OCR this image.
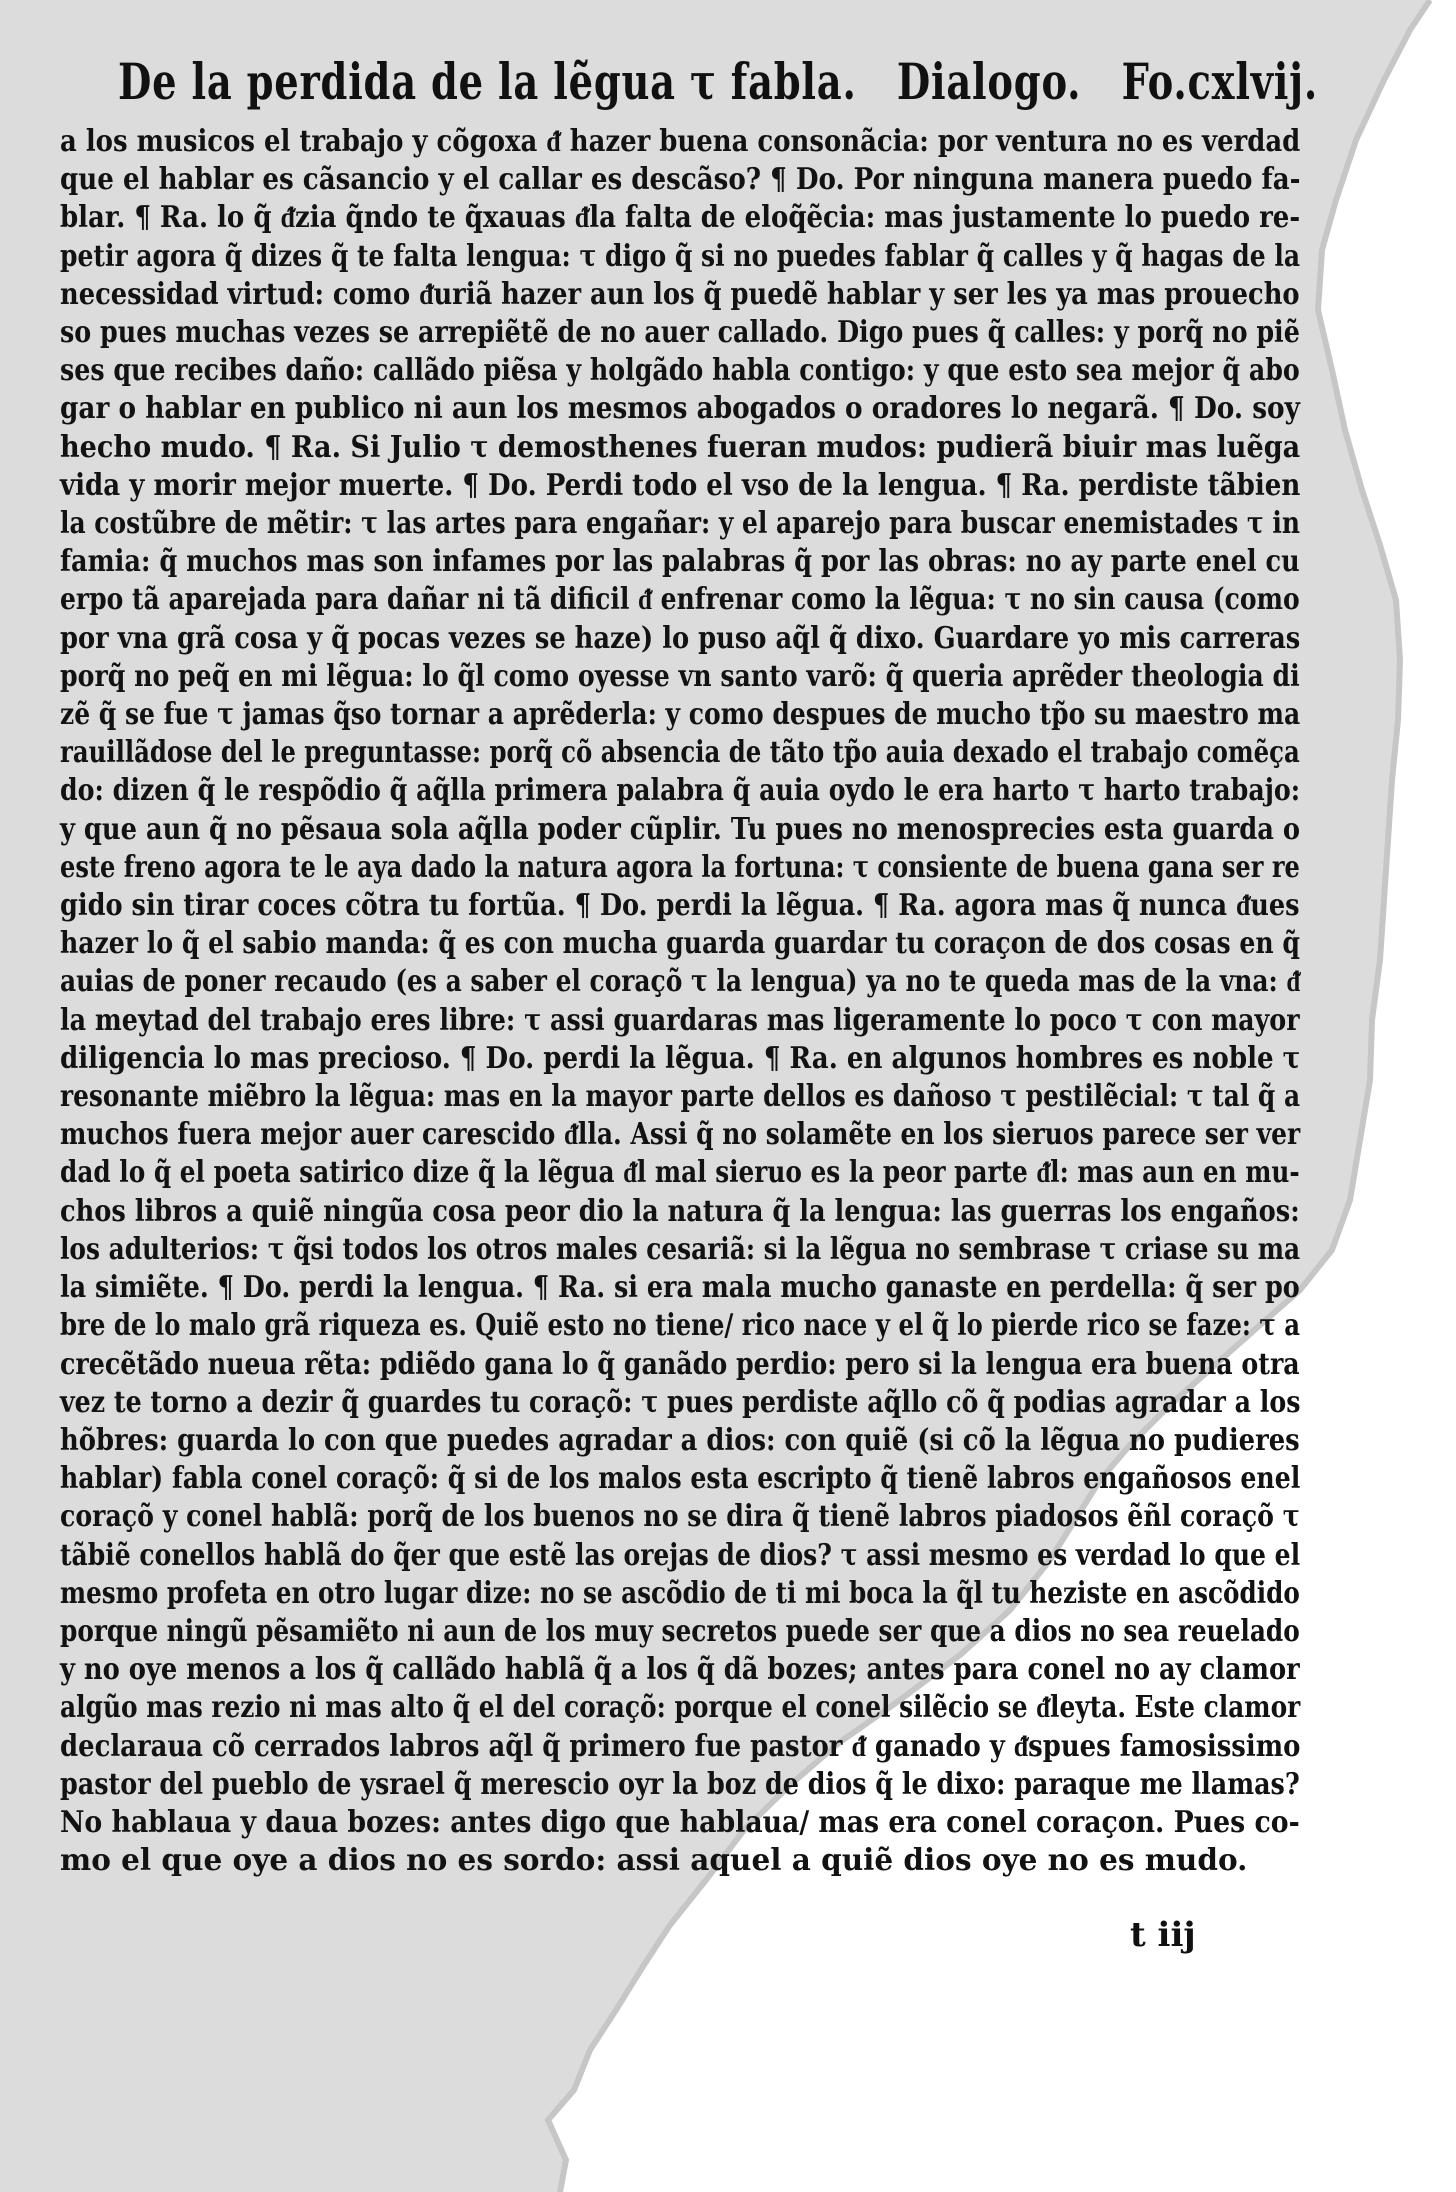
De la perdida de la lẽgua τ fabla. Dialogo. Fo.cxlvij.
a los musicos el trabajo y cõgoxa ᵭ hazer buena consonãcia: por ventura no es verdad
que el hablar es cãsancio y el callar es descãso? ¶ Do. Por ninguna manera puedo fa-
blar. ¶ Ra. lo q̃ ᵭzia q̃ndo te q̃xauas ᵭla falta de eloq̃ẽcia: mas justamente lo puedo re-
petir agora q̃ dizes q̃ te falta lengua: τ digo q̃ si no puedes fablar q̃ calles y q̃ hagas de la
necessidad virtud: como ᵭuriã hazer aun los q̃ puedẽ hablar y ser les ya mas prouecho
so pues muchas vezes se arrepiẽtẽ de no auer callado. Digo pues q̃ calles: y porq̃ no piẽ
ses que recibes daño: callãdo piẽsa y holgãdo habla contigo: y que esto sea mejor q̃ abo
gar o hablar en publico ni aun los mesmos abogados o oradores lo negarã. ¶ Do. soy
hecho mudo. ¶ Ra. Si Julio τ demosthenes fueran mudos: pudierã biuir mas luẽga
vida y morir mejor muerte. ¶ Do. Perdi todo el vso de la lengua. ¶ Ra. perdiste tãbien
la costũbre de mẽtir: τ las artes para engañar: y el aparejo para buscar enemistades τ in
famia: q̃ muchos mas son infames por las palabras q̃ por las obras: no ay parte enel cu
erpo tã aparejada para dañar ni tã dificil ᵭ enfrenar como la lẽgua: τ no sin causa (como
por vna grã cosa y q̃ pocas vezes se haze) lo puso aq̃l q̃ dixo. Guardare yo mis carreras
porq̃ no peq̃ en mi lẽgua: lo q̃l como oyesse vn santo varõ: q̃ queria aprẽder theologia di
zẽ q̃ se fue τ jamas q̃so tornar a aprẽderla: y como despues de mucho tp̃o su maestro ma
rauillãdose del le preguntasse: porq̃ cõ absencia de tãto tp̃o auia dexado el trabajo comẽça
do: dizen q̃ le respõdio q̃ aq̃lla primera palabra q̃ auia oydo le era harto τ harto trabajo:
y que aun q̃ no pẽsaua sola aq̃lla poder cũplir. Tu pues no menosprecies esta guarda o
este freno agora te le aya dado la natura agora la fortuna: τ consiente de buena gana ser re
gido sin tirar coces cõtra tu fortũa. ¶ Do. perdi la lẽgua. ¶ Ra. agora mas q̃ nunca ᵭues
hazer lo q̃ el sabio manda: q̃ es con mucha guarda guardar tu coraçon de dos cosas en q̃
auias de poner recaudo (es a saber el coraçõ τ la lengua) ya no te queda mas de la vna: ᵭ
la meytad del trabajo eres libre: τ assi guardaras mas ligeramente lo poco τ con mayor
diligencia lo mas precioso. ¶ Do. perdi la lẽgua. ¶ Ra. en algunos hombres es noble τ
resonante miẽbro la lẽgua: mas en la mayor parte dellos es dañoso τ pestilẽcial: τ tal q̃ a
muchos fuera mejor auer carescido ᵭlla. Assi q̃ no solamẽte en los sieruos parece ser ver
dad lo q̃ el poeta satirico dize q̃ la lẽgua ᵭl mal sieruo es la peor parte ᵭl: mas aun en mu-
chos libros a quiẽ ningũa cosa peor dio la natura q̃ la lengua: las guerras los engaños:
los adulterios: τ q̃si todos los otros males cesariã: si la lẽgua no sembrase τ criase su ma
la simiẽte. ¶ Do. perdi la lengua. ¶ Ra. si era mala mucho ganaste en perdella: q̃ ser po
bre de lo malo grã riqueza es. Quiẽ esto no tiene/ rico nace y el q̃ lo pierde rico se faze: τ a
crecẽtãdo nueua rẽta: pdiẽdo gana lo q̃ ganãdo perdio: pero si la lengua era buena otra
vez te torno a dezir q̃ guardes tu coraçõ: τ pues perdiste aq̃llo cõ q̃ podias agradar a los
hõbres: guarda lo con que puedes agradar a dios: con quiẽ (si cõ la lẽgua no pudieres
hablar) fabla conel coraçõ: q̃ si de los malos esta escripto q̃ tienẽ labros engañosos enel
coraçõ y conel hablã: porq̃ de los buenos no se dira q̃ tienẽ labros piadosos ẽñl coraçõ τ
tãbiẽ conellos hablã do q̃er que estẽ las orejas de dios? τ assi mesmo es verdad lo que el
mesmo profeta en otro lugar dize: no se ascõdio de ti mi boca la q̃l tu heziste en ascõdido
porque ningũ pẽsamiẽto ni aun de los muy secretos puede ser que a dios no sea reuelado
y no oye menos a los q̃ callãdo hablã q̃ a los q̃ dã bozes; antes para conel no ay clamor
algũo mas rezio ni mas alto q̃ el del coraçõ: porque el conel silẽcio se ᵭleyta. Este clamor
declaraua cõ cerrados labros aq̃l q̃ primero fue pastor ᵭ ganado y ᵭspues famosissimo
pastor del pueblo de ysrael q̃ merescio oyr la boz de dios q̃ le dixo: paraque me llamas?
No hablaua y daua bozes: antes digo que hablaua/ mas era conel coraçon. Pues co-
mo el que oye a dios no es sordo: assi aquel a quiẽ dios oye no es mudo.
t iij
